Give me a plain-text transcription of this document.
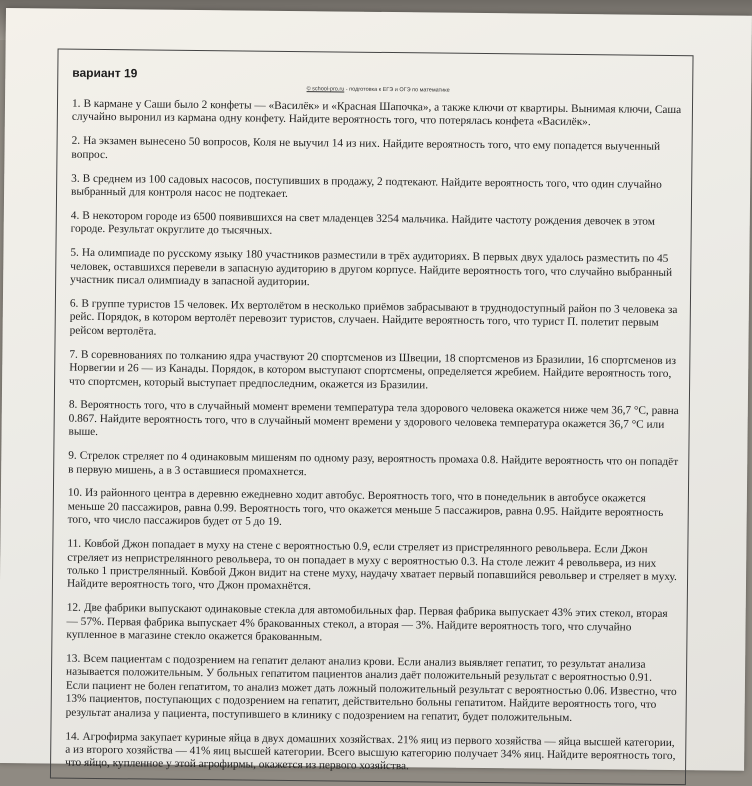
вариант 19
© school-pro.ru - подготовка к ЕГЭ и ОГЭ по математике
1. В кармане у Саши было 2 конфеты — «Василёк» и «Красная Шапочка», а также ключи от квартиры. Вынимая ключи, Саша случайно выронил из кармана одну конфету. Найдите вероятность того, что потерялась конфета «Василёк».
2. На экзамен вынесено 50 вопросов, Коля не выучил 14 из них. Найдите вероятность того, что ему попадется выученный вопрос.
3. В среднем из 100 садовых насосов, поступивших в продажу, 2 подтекают. Найдите вероятность того, что один случайно выбранный для контроля насос не подтекает.
4. В некотором городе из 6500 появившихся на свет младенцев 3254 мальчика. Найдите частоту рождения девочек в этом городе. Результат округлите до тысячных.
5. На олимпиаде по русскому языку 180 участников разместили в трёх аудиториях. В первых двух удалось разместить по 45 человек, оставшихся перевели в запасную аудиторию в другом корпусе. Найдите вероятность того, что случайно выбранный участник писал олимпиаду в запасной аудитории.
6. В группе туристов 15 человек. Их вертолётом в несколько приёмов забрасывают в труднодоступный район по 3 человека за рейс. Порядок, в котором вертолёт перевозит туристов, случаен. Найдите вероятность того, что турист П. полетит первым рейсом вертолёта.
7. В соревнованиях по толканию ядра участвуют 20 спортсменов из Швеции, 18 спортсменов из Бразилии, 16 спортсменов из Норвегии и 26 — из Канады. Порядок, в котором выступают спортсмены, определяется жребием. Найдите вероятность того, что спортсмен, который выступает предпоследним, окажется из Бразилии.
8. Вероятность того, что в случайный момент времени температура тела здорового человека окажется ниже чем 36,7 °C, равна 0.867. Найдите вероятность того, что в случайный момент времени у здорового человека температура окажется 36,7 °C или выше.
9. Стрелок стреляет по 4 одинаковым мишеням по одному разу, вероятность промаха 0.8. Найдите вероятность что он попадёт в первую мишень, а в 3 оставшиеся промахнется.
10. Из районного центра в деревню ежедневно ходит автобус. Вероятность того, что в понедельник в автобусе окажется меньше 20 пассажиров, равна 0.99. Вероятность того, что окажется меньше 5 пассажиров, равна 0.95. Найдите вероятность того, что число пассажиров будет от 5 до 19.
11. Ковбой Джон попадает в муху на стене с вероятностью 0.9, если стреляет из пристрелянного револьвера. Если Джон стреляет из непристрелянного револьвера, то он попадает в муху с вероятностью 0.3. На столе лежит 4 револьвера, из них только 1 пристрелянный. Ковбой Джон видит на стене муху, наудачу хватает первый попавшийся револьвер и стреляет в муху. Найдите вероятность того, что Джон промахнётся.
12. Две фабрики выпускают одинаковые стекла для автомобильных фар. Первая фабрика выпускает 43% этих стекол, вторая — 57%. Первая фабрика выпускает 4% бракованных стекол, а вторая — 3%. Найдите вероятность того, что случайно купленное в магазине стекло окажется бракованным.
13. Всем пациентам с подозрением на гепатит делают анализ крови. Если анализ выявляет гепатит, то результат анализа называется положительным. У больных гепатитом пациентов анализ даёт положительный результат с вероятностью 0.91. Если пациент не болен гепатитом, то анализ может дать ложный положительный результат с вероятностью 0.06. Известно, что 13% пациентов, поступающих с подозрением на гепатит, действительно больны гепатитом. Найдите вероятность того, что результат анализа у пациента, поступившего в клинику с подозрением на гепатит, будет положительным.
14. Агрофирма закупает куриные яйца в двух домашних хозяйствах. 21% яиц из первого хозяйства — яйца высшей категории, а из второго хозяйства — 41% яиц высшей категории. Всего высшую категорию получает 34% яиц. Найдите вероятность того, что яйцо, купленное у этой агрофирмы, окажется из первого хозяйства.
